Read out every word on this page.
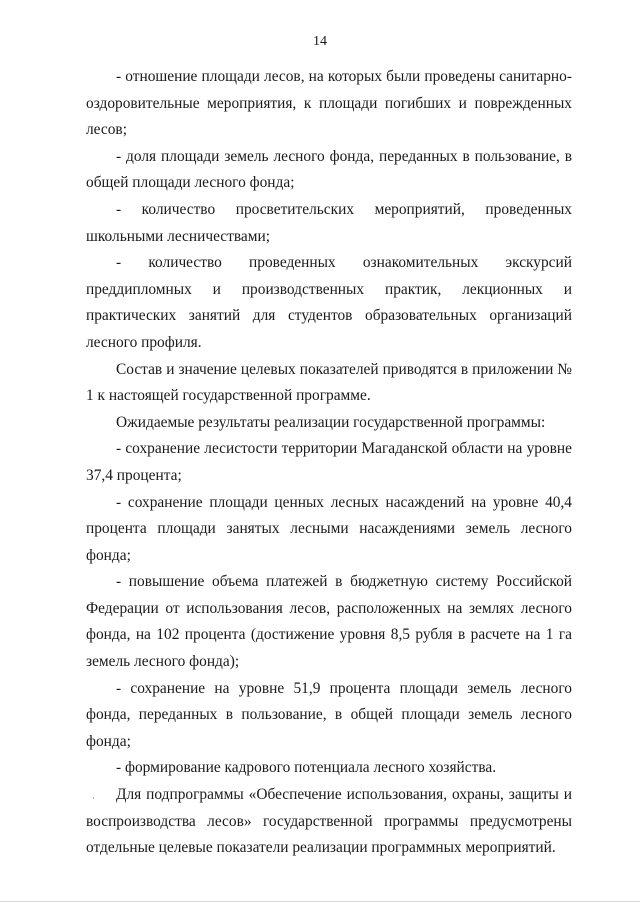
14

- отношение площади лесов, на которых были проведены санитарно-оздоровительные мероприятия, к площади погибших и поврежденных лесов;

- доля площади земель лесного фонда, переданных в пользование, в общей площади лесного фонда;

- количество просветительских мероприятий, проведенных школьными лесничествами;

- количество проведенных ознакомительных экскурсий преддипломных и производственных практик, лекционных и практических занятий для студентов образовательных организаций лесного профиля.

Состав и значение целевых показателей приводятся в приложении № 1 к настоящей государственной программе.

Ожидаемые результаты реализации государственной программы:

- сохранение лесистости территории Магаданской области на уровне 37,4 процента;

- сохранение площади ценных лесных насаждений на уровне 40,4 процента площади занятых лесными насаждениями земель лесного фонда;

- повышение объема платежей в бюджетную систему Российской Федерации от использования лесов, расположенных на землях лесного фонда, на 102 процента (достижение уровня 8,5 рубля в расчете на 1 га земель лесного фонда);

- сохранение на уровне 51,9 процента площади земель лесного фонда, переданных в пользование, в общей площади земель лесного фонда;

- формирование кадрового потенциала лесного хозяйства.

Для подпрограммы «Обеспечение использования, охраны, защиты и воспроизводства лесов» государственной программы предусмотрены отдельные целевые показатели реализации программных мероприятий.
